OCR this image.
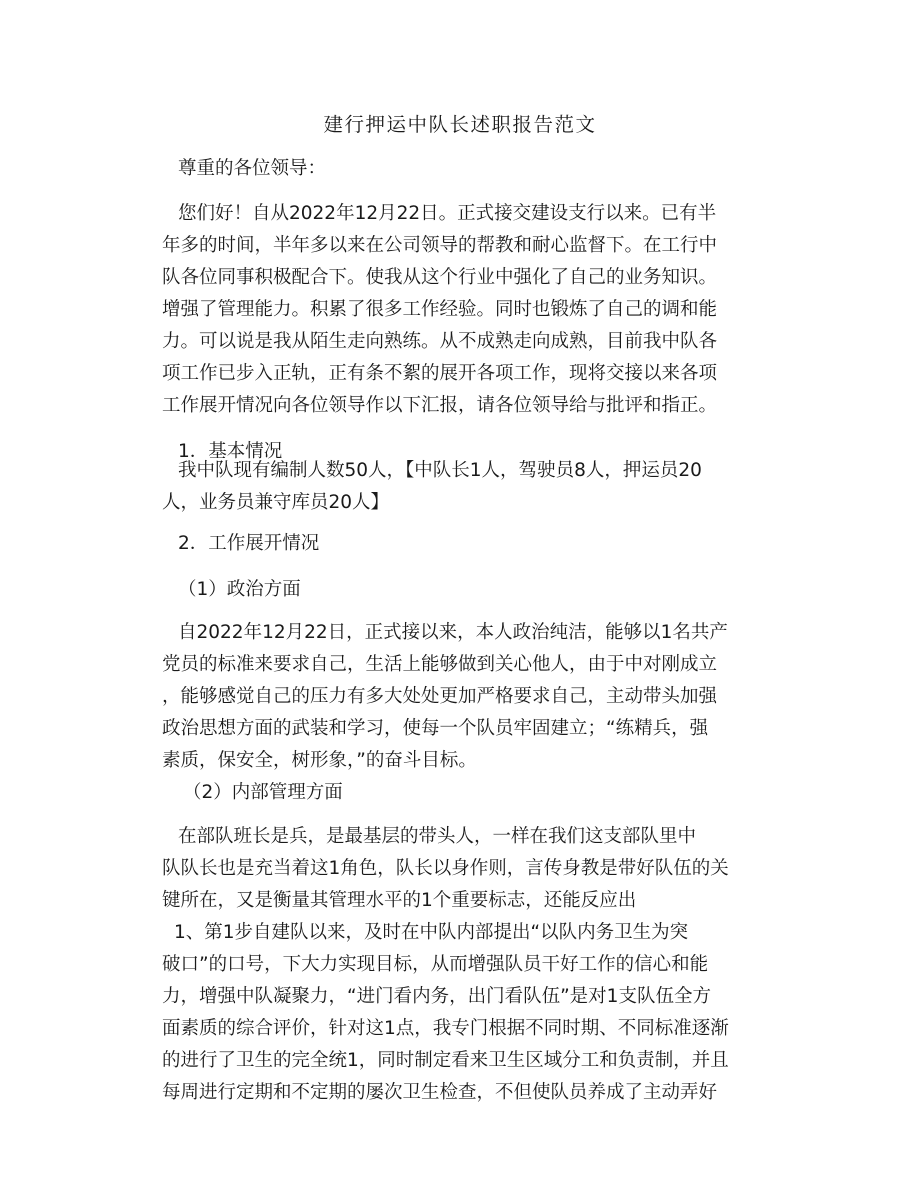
建行押运中队长述职报告范文

尊重的各位领导：

您们好！自从2022年12月22日。正式接交建设支行以来。已有半
年多的时间，半年多以来在公司领导的帮教和耐心监督下。在工行中
队各位同事积极配合下。使我从这个行业中强化了自己的业务知识。
增强了管理能力。积累了很多工作经验。同时也锻炼了自己的调和能
力。可以说是我从陌生走向熟练。从不成熟走向成熟，目前我中队各
项工作已步入正轨，正有条不絮的展开各项工作，现将交接以来各项
工作展开情况向各位领导作以下汇报，请各位领导给与批评和指正。

1．基本情况

我中队现有编制人数50人，【中队长1人，驾驶员8人，押运员20
人，业务员兼守库员20人】

2．工作展开情况

（1）政治方面

自2022年12月22日，正式接以来，本人政治纯洁，能够以1名共产
党员的标准来要求自己，生活上能够做到关心他人，由于中对刚成立
，能够感觉自己的压力有多大处处更加严格要求自己，主动带头加强
政治思想方面的武装和学习，使每一个队员牢固建立；“练精兵，强
素质，保安全，树形象，”的奋斗目标。

（2）内部管理方面

在部队班长是兵，是最基层的带头人，一样在我们这支部队里中
队队长也是充当着这1角色，队长以身作则，言传身教是带好队伍的关
键所在，又是衡量其管理水平的1个重要标志，还能反应出
1、第1步自建队以来，及时在中队内部提出“以队内务卫生为突
破口”的口号，下大力实现目标，从而增强队员干好工作的信心和能
力，增强中队凝聚力，“进门看内务，出门看队伍”是对1支队伍全方
面素质的综合评价，针对这1点，我专门根据不同时期、不同标准逐渐
的进行了卫生的完全统1，同时制定看来卫生区域分工和负责制，并且
每周进行定期和不定期的屡次卫生检查，不但使队员养成了主动弄好
